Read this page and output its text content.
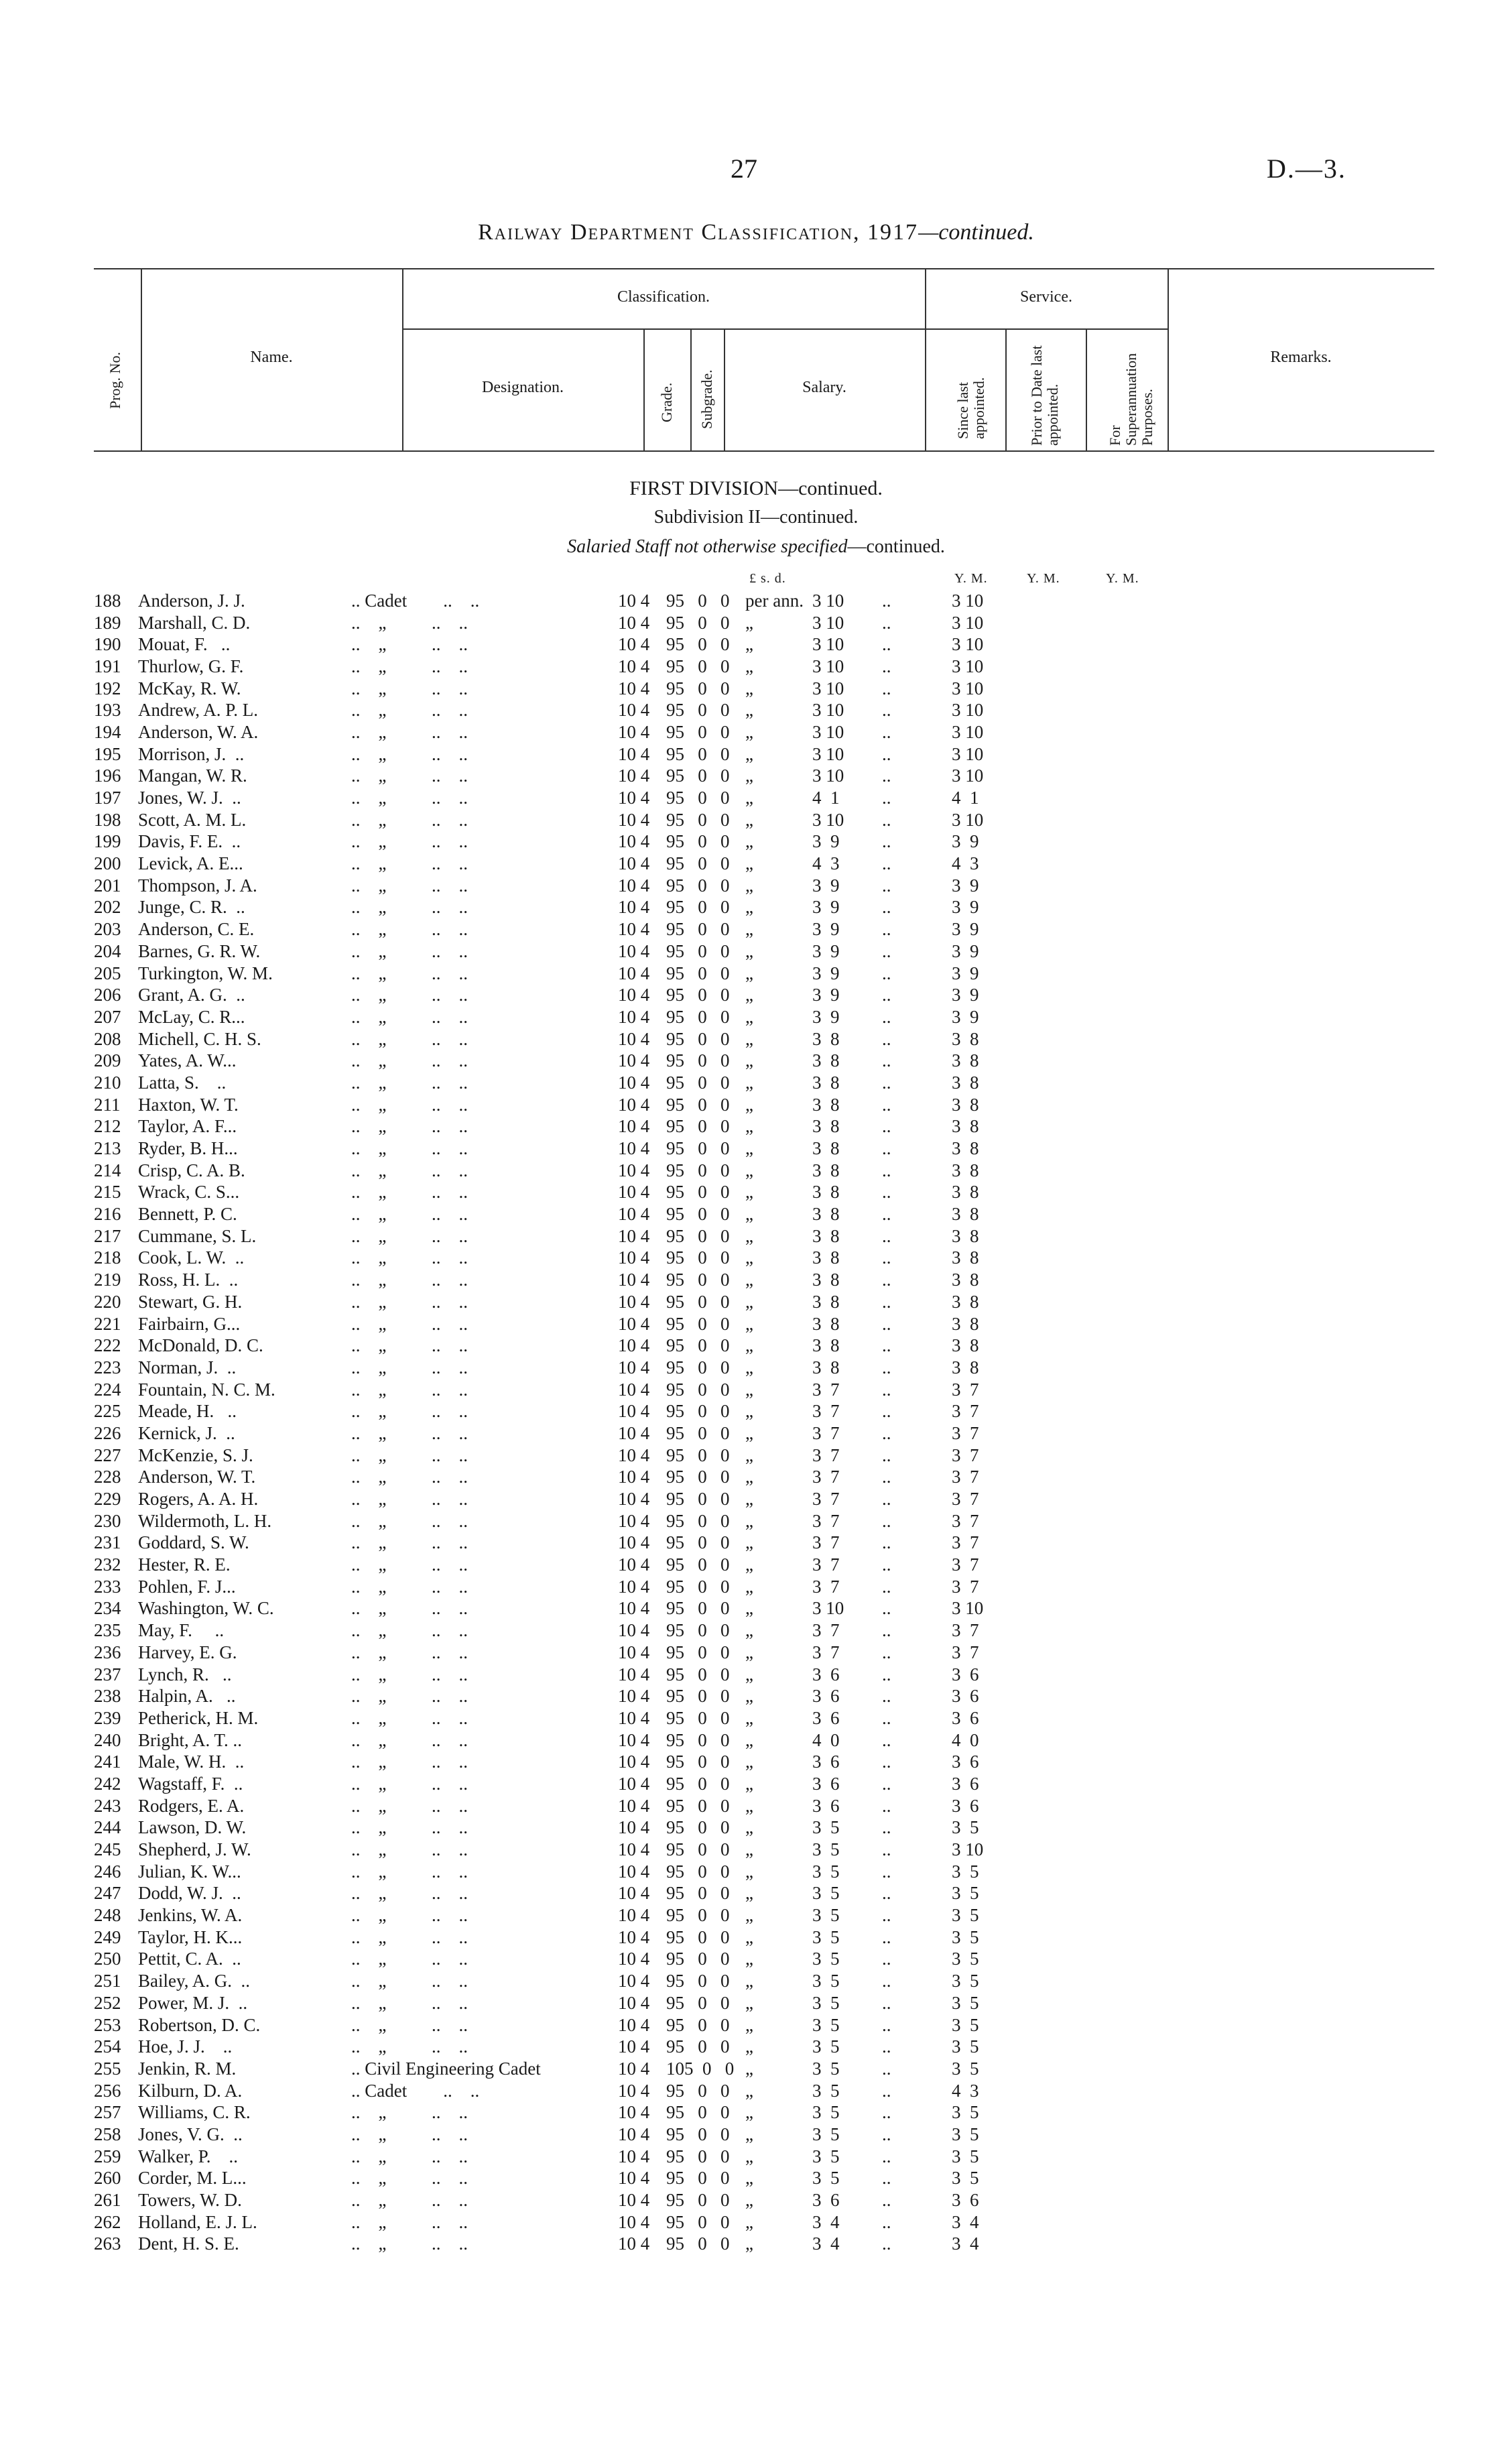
27	D.—3.
Railway Department Classification, 1917—continued.
Prog. No.	Name.
Classification.
Designation.	Grade. Subgrade.	Salary.
Service.
Since last appointed.	Prior to Date last appointed.	For Superannuation Purposes.
Remarks.
FIRST DIVISION—continued.
Subdivision II—continued.
Salaried Staff not otherwise specified—continued.
£ s. d.	Y. M.	Y. M.	Y. M.
188	Anderson, J. J.	.. Cadet        ..    ..	10 4	95   0   0	per ann.	3 10	..	3 10
189	Marshall, C. D.	..    „          ..    ..	10 4	95   0   0	„	3 10	..	3 10
190	Mouat, F.   ..	..    „          ..    ..	10 4	95   0   0	„	3 10	..	3 10
191	Thurlow, G. F.	..    „          ..    ..	10 4	95   0   0	„	3 10	..	3 10
192	McKay, R. W.	..    „          ..    ..	10 4	95   0   0	„	3 10	..	3 10
193	Andrew, A. P. L.	..    „          ..    ..	10 4	95   0   0	„	3 10	..	3 10
194	Anderson, W. A.	..    „          ..    ..	10 4	95   0   0	„	3 10	..	3 10
195	Morrison, J.  ..	..    „          ..    ..	10 4	95   0   0	„	3 10	..	3 10
196	Mangan, W. R.	..    „          ..    ..	10 4	95   0   0	„	3 10	..	3 10
197	Jones, W. J.  ..	..    „          ..    ..	10 4	95   0   0	„	4  1	..	4  1
198	Scott, A. M. L.	..    „          ..    ..	10 4	95   0   0	„	3 10	..	3 10
199	Davis, F. E.  ..	..    „          ..    ..	10 4	95   0   0	„	3  9	..	3  9
200	Levick, A. E...	..    „          ..    ..	10 4	95   0   0	„	4  3	..	4  3
201	Thompson, J. A.	..    „          ..    ..	10 4	95   0   0	„	3  9	..	3  9
202	Junge, C. R.  ..	..    „          ..    ..	10 4	95   0   0	„	3  9	..	3  9
203	Anderson, C. E.	..    „          ..    ..	10 4	95   0   0	„	3  9	..	3  9
204	Barnes, G. R. W.	..    „          ..    ..	10 4	95   0   0	„	3  9	..	3  9
205	Turkington, W. M.	..    „          ..    ..	10 4	95   0   0	„	3  9	..	3  9
206	Grant, A. G.  ..	..    „          ..    ..	10 4	95   0   0	„	3  9	..	3  9
207	McLay, C. R...	..    „          ..    ..	10 4	95   0   0	„	3  9	..	3  9
208	Michell, C. H. S.	..    „          ..    ..	10 4	95   0   0	„	3  8	..	3  8
209	Yates, A. W...	..    „          ..    ..	10 4	95   0   0	„	3  8	..	3  8
210	Latta, S.    ..	..    „          ..    ..	10 4	95   0   0	„	3  8	..	3  8
211	Haxton, W. T.	..    „          ..    ..	10 4	95   0   0	„	3  8	..	3  8
212	Taylor, A. F...	..    „          ..    ..	10 4	95   0   0	„	3  8	..	3  8
213	Ryder, B. H...	..    „          ..    ..	10 4	95   0   0	„	3  8	..	3  8
214	Crisp, C. A. B.	..    „          ..    ..	10 4	95   0   0	„	3  8	..	3  8
215	Wrack, C. S...	..    „          ..    ..	10 4	95   0   0	„	3  8	..	3  8
216	Bennett, P. C.	..    „          ..    ..	10 4	95   0   0	„	3  8	..	3  8
217	Cummane, S. L.	..    „          ..    ..	10 4	95   0   0	„	3  8	..	3  8
218	Cook, L. W.  ..	..    „          ..    ..	10 4	95   0   0	„	3  8	..	3  8
219	Ross, H. L.  ..	..    „          ..    ..	10 4	95   0   0	„	3  8	..	3  8
220	Stewart, G. H.	..    „          ..    ..	10 4	95   0   0	„	3  8	..	3  8
221	Fairbairn, G...	..    „          ..    ..	10 4	95   0   0	„	3  8	..	3  8
222	McDonald, D. C.	..    „          ..    ..	10 4	95   0   0	„	3  8	..	3  8
223	Norman, J.  ..	..    „          ..    ..	10 4	95   0   0	„	3  8	..	3  8
224	Fountain, N. C. M.	..    „          ..    ..	10 4	95   0   0	„	3  7	..	3  7
225	Meade, H.   ..	..    „          ..    ..	10 4	95   0   0	„	3  7	..	3  7
226	Kernick, J.  ..	..    „          ..    ..	10 4	95   0   0	„	3  7	..	3  7
227	McKenzie, S. J.	..    „          ..    ..	10 4	95   0   0	„	3  7	..	3  7
228	Anderson, W. T.	..    „          ..    ..	10 4	95   0   0	„	3  7	..	3  7
229	Rogers, A. A. H.	..    „          ..    ..	10 4	95   0   0	„	3  7	..	3  7
230	Wildermoth, L. H.	..    „          ..    ..	10 4	95   0   0	„	3  7	..	3  7
231	Goddard, S. W.	..    „          ..    ..	10 4	95   0   0	„	3  7	..	3  7
232	Hester, R. E.	..    „          ..    ..	10 4	95   0   0	„	3  7	..	3  7
233	Pohlen, F. J...	..    „          ..    ..	10 4	95   0   0	„	3  7	..	3  7
234	Washington, W. C.	..    „          ..    ..	10 4	95   0   0	„	3 10	..	3 10
235	May, F.     ..	..    „          ..    ..	10 4	95   0   0	„	3  7	..	3  7
236	Harvey, E. G.	..    „          ..    ..	10 4	95   0   0	„	3  7	..	3  7
237	Lynch, R.   ..	..    „          ..    ..	10 4	95   0   0	„	3  6	..	3  6
238	Halpin, A.   ..	..    „          ..    ..	10 4	95   0   0	„	3  6	..	3  6
239	Petherick, H. M.	..    „          ..    ..	10 4	95   0   0	„	3  6	..	3  6
240	Bright, A. T. ..	..    „          ..    ..	10 4	95   0   0	„	4  0	..	4  0
241	Male, W. H.  ..	..    „          ..    ..	10 4	95   0   0	„	3  6	..	3  6
242	Wagstaff, F.  ..	..    „          ..    ..	10 4	95   0   0	„	3  6	..	3  6
243	Rodgers, E. A.	..    „          ..    ..	10 4	95   0   0	„	3  6	..	3  6
244	Lawson, D. W.	..    „          ..    ..	10 4	95   0   0	„	3  5	..	3  5
245	Shepherd, J. W.	..    „          ..    ..	10 4	95   0   0	„	3  5	..	3 10
246	Julian, K. W...	..    „          ..    ..	10 4	95   0   0	„	3  5	..	3  5
247	Dodd, W. J.  ..	..    „          ..    ..	10 4	95   0   0	„	3  5	..	3  5
248	Jenkins, W. A.	..    „          ..    ..	10 4	95   0   0	„	3  5	..	3  5
249	Taylor, H. K...	..    „          ..    ..	10 4	95   0   0	„	3  5	..	3  5
250	Pettit, C. A.  ..	..    „          ..    ..	10 4	95   0   0	„	3  5	..	3  5
251	Bailey, A. G.  ..	..    „          ..    ..	10 4	95   0   0	„	3  5	..	3  5
252	Power, M. J.  ..	..    „          ..    ..	10 4	95   0   0	„	3  5	..	3  5
253	Robertson, D. C.	..    „          ..    ..	10 4	95   0   0	„	3  5	..	3  5
254	Hoe, J. J.    ..	..    „          ..    ..	10 4	95   0   0	„	3  5	..	3  5
255	Jenkin, R. M.	.. Civil Engineering Cadet	10 4	105  0   0	„	3  5	..	3  5
256	Kilburn, D. A.	.. Cadet        ..    ..	10 4	95   0   0	„	3  5	..	4  3
257	Williams, C. R.	..    „          ..    ..	10 4	95   0   0	„	3  5	..	3  5
258	Jones, V. G.  ..	..    „          ..    ..	10 4	95   0   0	„	3  5	..	3  5
259	Walker, P.    ..	..    „          ..    ..	10 4	95   0   0	„	3  5	..	3  5
260	Corder, M. L...	..    „          ..    ..	10 4	95   0   0	„	3  5	..	3  5
261	Towers, W. D.	..    „          ..    ..	10 4	95   0   0	„	3  6	..	3  6
262	Holland, E. J. L.	..    „          ..    ..	10 4	95   0   0	„	3  4	..	3  4
263	Dent, H. S. E.	..    „          ..    ..	10 4	95   0   0	„	3  4	..	3  4
